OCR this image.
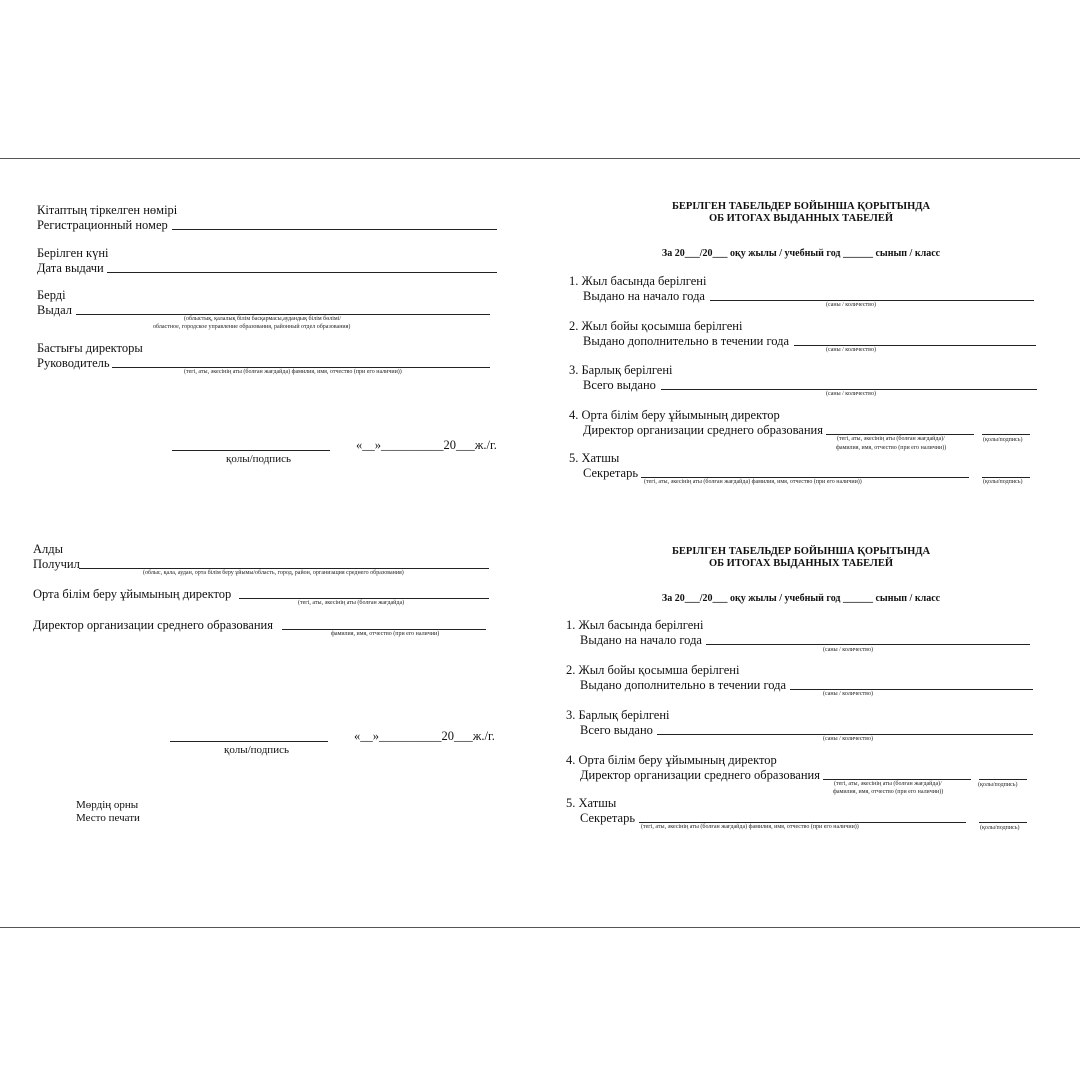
Кітаптың тіркелген нөмірі
Регистрационный номер
Берілген күні
Дата выдачи
Берді
Выдал
(облыстық, қалалық білім басқармасы,аудандық білім бөлімі/
областное, городское управление образования, районный отдел образования)
Бастығы директоры
Руководитель
(тегі, аты, әкесінің аты (болған жағдайда) фамилия, имя, отчество (при его наличии))
«__»__________20___ж./г.
қолы/подпись
Алды
Получил
(облыс, қала, аудан, орта білім беру ұйымы/область, город, район, организация среднего образования)
Орта білім беру ұйымының директор
(тегі, аты, әкесінің аты (болған жағдайда)
Директор организации среднего образования
фамилия, имя, отчество (при его наличии)
«__»__________20___ж./г.
қолы/подпись
Мөрдің орны
Место печати
БЕРІЛГЕН ТАБЕЛЬДЕР БОЙЫНША ҚОРЫТЫНДА
ОБ ИТОГАХ ВЫДАННЫХ ТАБЕЛЕЙ
За 20___/20___ оқу жылы / учебный год ______ сынып / класс
1. Жыл басында берілгені
Выдано на начало года
(саны / количество)
2. Жыл бойы қосымша берілгені
Выдано дополнительно в течении года
(саны / количество)
3. Барлық берілгені
Всего выдано
(саны / количество)
4. Орта білім беру ұйымының директор
Директор организации среднего образования
(тегі, аты, әкесінің аты (болған жағдайда)/
фамилия, имя, отчество (при его наличии))
(қолы/подпись)
5. Хатшы
Секретарь
(тегі, аты, әкесінің аты (болған жағдайда) фамилия, имя, отчество (при его наличии))	(қолы/подпись)
БЕРІЛГЕН ТАБЕЛЬДЕР БОЙЫНША ҚОРЫТЫНДА
ОБ ИТОГАХ ВЫДАННЫХ ТАБЕЛЕЙ
За 20___/20___ оқу жылы / учебный год ______ сынып / класс
1. Жыл басында берілгені
Выдано на начало года
(саны / количество)
2. Жыл бойы қосымша берілгені
Выдано дополнительно в течении года
(саны / количество)
3. Барлық берілгені
Всего выдано
(саны / количество)
4. Орта білім беру ұйымының директор
Директор организации среднего образования
(тегі, аты, әкесінің аты (болған жағдайда)/
фамилия, имя, отчество (при его наличии))
(қолы/подпись)
5. Хатшы
Секретарь
(тегі, аты, әкесінің аты (болған жағдайда) фамилия, имя, отчество (при его наличии))	(қолы/подпись)
